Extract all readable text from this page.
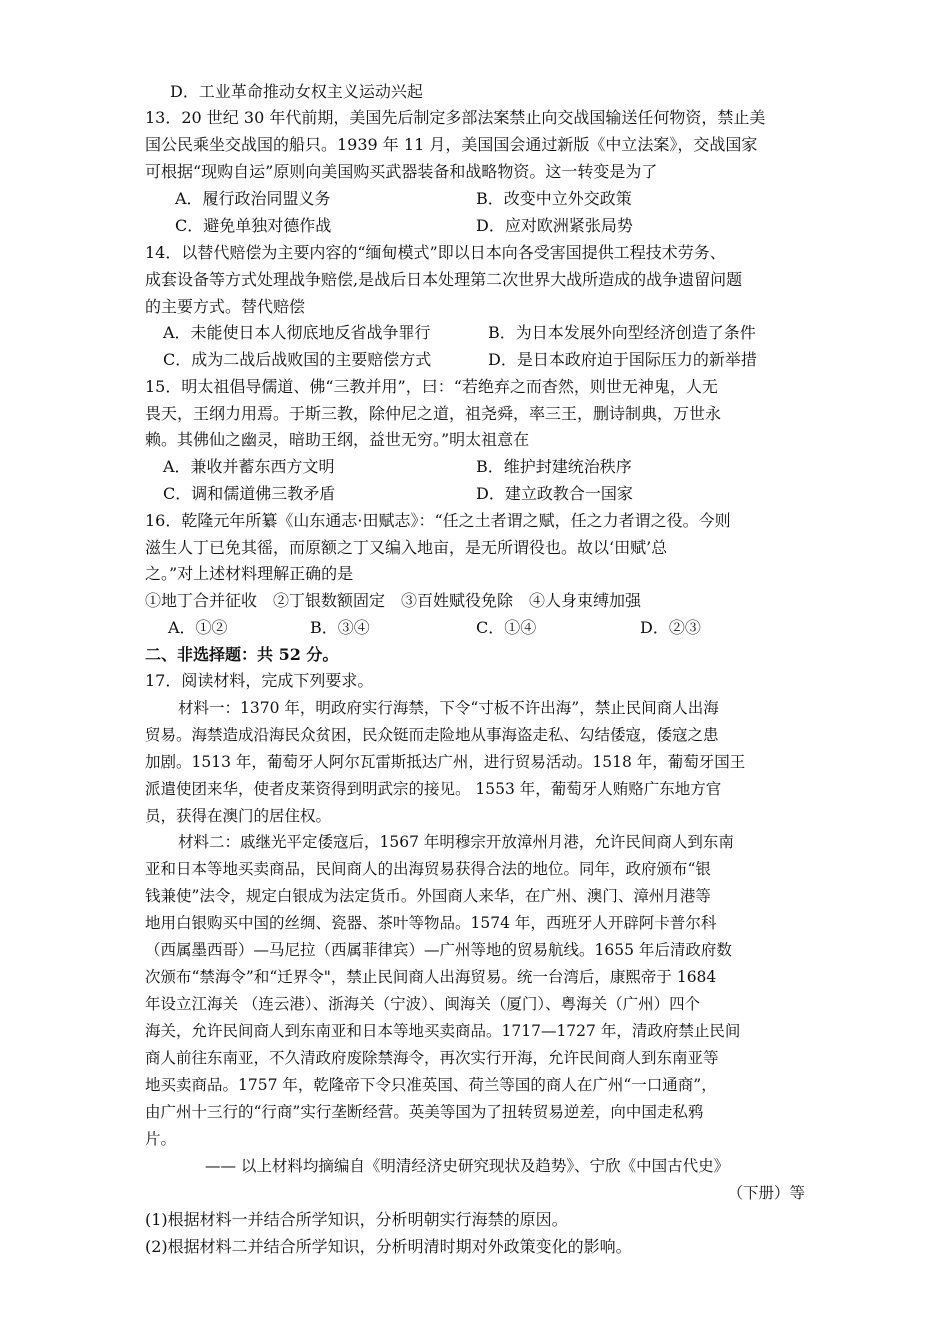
D．工业革命推动女权主义运动兴起
13．20 世纪 30 年代前期，美国先后制定多部法案禁止向交战国输送任何物资，禁止美
国公民乘坐交战国的船只。1939 年 11 月，美国国会通过新版《中立法案》，交战国家
可根据“现购自运”原则向美国购买武器装备和战略物资。这一转变是为了
A．履行政治同盟义务	B．改变中立外交政策
C．避免单独对德作战	D．应对欧洲紧张局势
14．以替代赔偿为主要内容的“缅甸模式”即以日本向各受害国提供工程技术劳务、
成套设备等方式处理战争赔偿,是战后日本处理第二次世界大战所造成的战争遗留问题
的主要方式。替代赔偿
A．未能使日本人彻底地反省战争罪行	B．为日本发展外向型经济创造了条件
C．成为二战后战败国的主要赔偿方式	D．是日本政府迫于国际压力的新举措
15．明太祖倡导儒道、佛“三教并用”，曰：“若绝弃之而杳然，则世无神鬼，人无
畏天，王纲力用焉。于斯三教，除仲尼之道，祖尧舜，率三王，删诗制典，万世永
赖。其佛仙之幽灵，暗助王纲，益世无穷。”明太祖意在
A．兼收并蓄东西方文明	B．维护封建统治秩序
C．调和儒道佛三教矛盾	D．建立政教合一国家
16．乾隆元年所纂《山东通志·田赋志》：“任之土者谓之赋，任之力者谓之役。今则
滋生人丁已免其徭，而原额之丁又编入地亩，是无所谓役也。故以‘田赋’总
之。”对上述材料理解正确的是
①地丁合并征收　②丁银数额固定　③百姓赋役免除　④人身束缚加强
A．①②	B．③④	C．①④	D．②③
二、非选择题：共 52 分。
17．阅读材料，完成下列要求。
材料一：1370 年，明政府实行海禁，下令“寸板不许出海”，禁止民间商人出海
贸易。海禁造成沿海民众贫困，民众铤而走险地从事海盗走私、勾结倭寇，倭寇之患
加剧。1513 年，葡萄牙人阿尔瓦雷斯抵达广州，进行贸易活动。1518 年，葡萄牙国王
派遣使团来华，使者皮莱资得到明武宗的接见。 1553 年，葡萄牙人贿赂广东地方官
员，获得在澳门的居住权。
材料二：戚继光平定倭寇后，1567 年明穆宗开放漳州月港，允许民间商人到东南
亚和日本等地买卖商品，民间商人的出海贸易获得合法的地位。同年，政府颁布“银
钱兼使”法令，规定白银成为法定货币。外国商人来华，在广州、澳门、漳州月港等
地用白银购买中国的丝绸、瓷器、茶叶等物品。1574 年，西班牙人开辟阿卡普尔科
（西属墨西哥）—马尼拉（西属菲律宾）—广州等地的贸易航线。1655 年后清政府数
次颁布“禁海令”和“迁界令"，禁止民间商人出海贸易。统一台湾后，康熙帝于 1684
年设立江海关 （连云港）、浙海关（宁波）、闽海关（厦门）、粤海关（广州）四个
海关，允许民间商人到东南亚和日本等地买卖商品。1717—1727 年，清政府禁止民间
商人前往东南亚，不久清政府废除禁海令，再次实行开海，允许民间商人到东南亚等
地买卖商品。1757 年，乾隆帝下令只准英国、荷兰等国的商人在广州“一口通商”，
由广州十三行的“行商”实行垄断经营。英美等国为了扭转贸易逆差，向中国走私鸦
片。
—— 以上材料均摘编自《明清经济史研究现状及趋势》、宁欣《中国古代史》
（下册）等
(1)根据材料一并结合所学知识，分析明朝实行海禁的原因。
(2)根据材料二并结合所学知识，分析明清时期对外政策变化的影响。
